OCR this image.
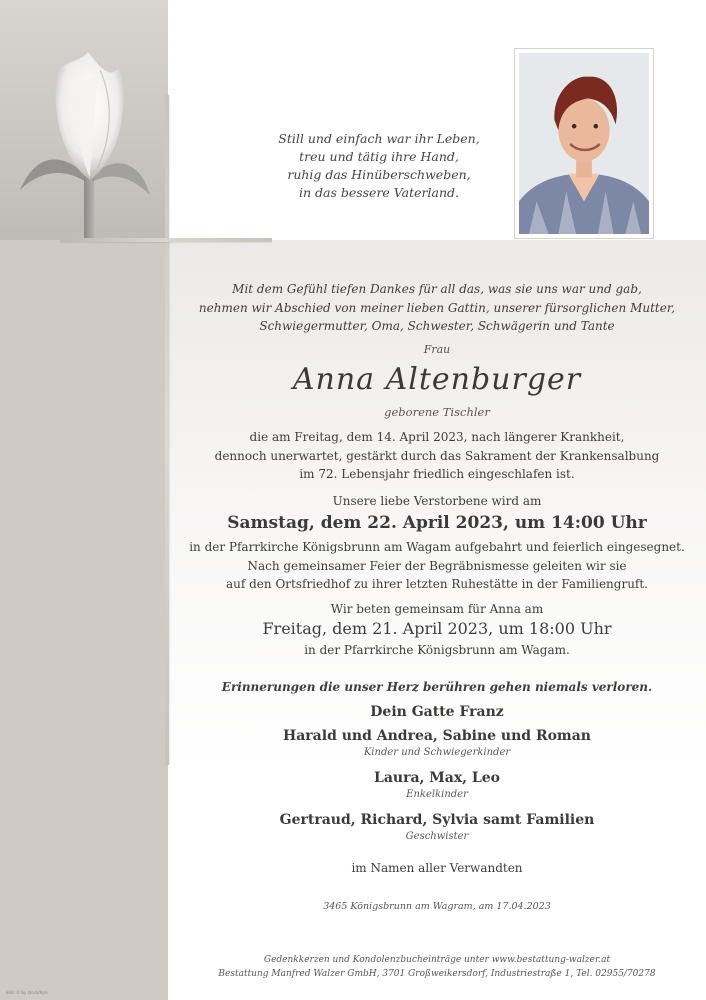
Still und einfach war ihr Leben,
treu und tätig ihre Hand,
ruhig das Hinüberschweben,
in das bessere Vaterland.
Mit dem Gefühl tiefen Dankes für all das, was sie uns war und gab,
nehmen wir Abschied von meiner lieben Gattin, unserer fürsorglichen Mutter,
Schwiegermutter, Oma, Schwester, Schwägerin und Tante
Frau
Anna Altenburger
geborene Tischler
die am Freitag, dem 14. April 2023, nach längerer Krankheit,
dennoch unerwartet, gestärkt durch das Sakrament der Krankensalbung
im 72. Lebensjahr friedlich eingeschlafen ist.
Unsere liebe Verstorbene wird am
Samstag, dem 22. April 2023, um 14:00 Uhr
in der Pfarrkirche Königsbrunn am Wagam aufgebahrt und feierlich eingesegnet.
Nach gemeinsamer Feier der Begräbnismesse geleiten wir sie
auf den Ortsfriedhof zu ihrer letzten Ruhestätte in der Familiengruft.
Wir beten gemeinsam für Anna am
Freitag, dem 21. April 2023, um 18:00 Uhr
in der Pfarrkirche Königsbrunn am Wagam.
Erinnerungen die unser Herz berühren gehen niemals verloren.
Dein Gatte Franz
Harald und Andrea, Sabine und Roman
Kinder und Schwiegerkinder
Laura, Max, Leo
Enkelkinder
Gertraud, Richard, Sylvia samt Familien
Geschwister
im Namen aller Verwandten
3465 Königsbrunn am Wagram, am 17.04.2023
Gedenkkerzen und Kondolenzbucheinträge unter www.bestattung-walzer.at
Bestattung Manfred Walzer GmbH, 3701 Großweikersdorf, Industriestraße 1, Tel. 02955/70278
Bild: © by stock/Kyle
